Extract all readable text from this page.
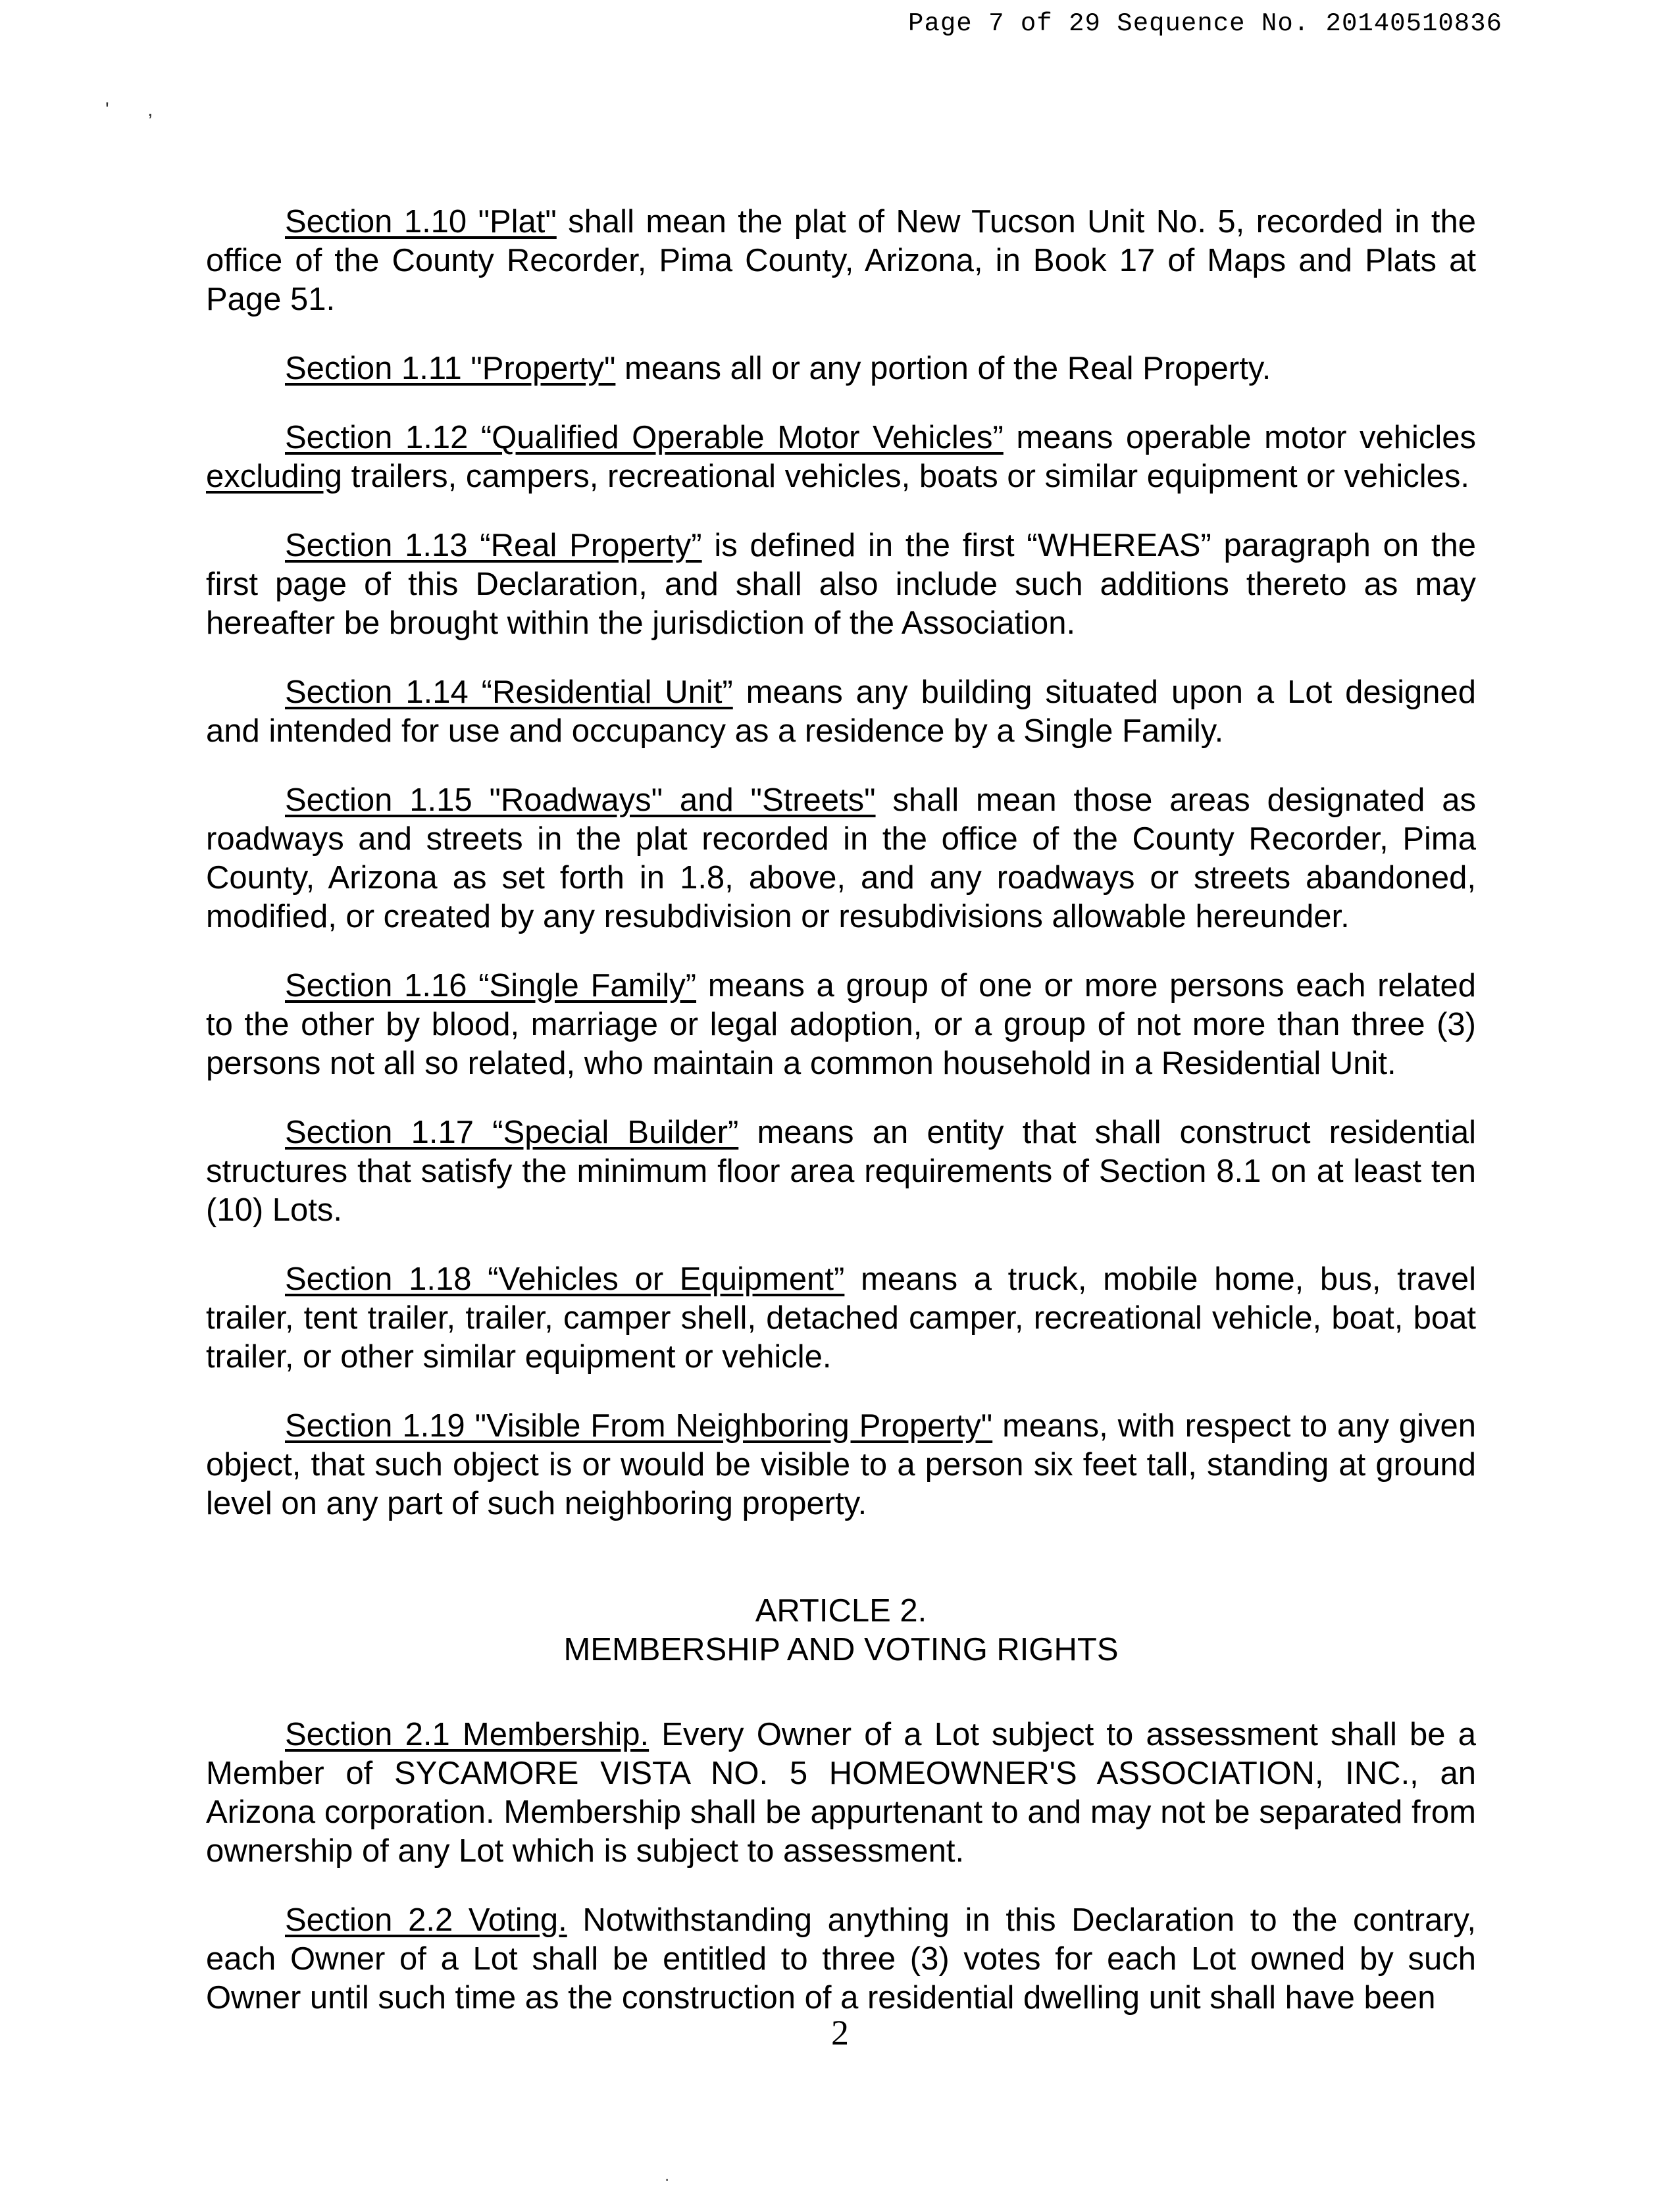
Page 7 of 29 Sequence No. 20140510836
'       ,

Section 1.10 "Plat" shall mean the plat of New Tucson Unit No. 5, recorded in the office of the County Recorder, Pima County, Arizona, in Book 17 of Maps and Plats at Page 51.

Section 1.11 "Property" means all or any portion of the Real Property.

Section 1.12 “Qualified Operable Motor Vehicles” means operable motor vehicles excluding trailers, campers, recreational vehicles, boats or similar equipment or vehicles.

Section 1.13 “Real Property” is defined in the first “WHEREAS” paragraph on the first page of this Declaration, and shall also include such additions thereto as may hereafter be brought within the jurisdiction of the Association.

Section 1.14 “Residential Unit” means any building situated upon a Lot designed and intended for use and occupancy as a residence by a Single Family.

Section 1.15 "Roadways" and "Streets" shall mean those areas designated as roadways and streets in the plat recorded in the office of the County Recorder, Pima County, Arizona as set forth in 1.8, above, and any roadways or streets abandoned, modified, or created by any resubdivision or resubdivisions allowable hereunder.

Section 1.16 “Single Family” means a group of one or more persons each related to the other by blood, marriage or legal adoption, or a group of not more than three (3) persons not all so related, who maintain a common household in a Residential Unit.

Section 1.17 “Special Builder” means an entity that shall construct residential structures that satisfy the minimum floor area requirements of Section 8.1 on at least ten (10) Lots.

Section 1.18 “Vehicles or Equipment” means a truck, mobile home, bus, travel trailer, tent trailer, trailer, camper shell, detached camper, recreational vehicle, boat, boat trailer, or other similar equipment or vehicle.

Section 1.19 "Visible From Neighboring Property" means, with respect to any given object, that such object is or would be visible to a person six feet tall, standing at ground level on any part of such neighboring property.

ARTICLE 2.
MEMBERSHIP AND VOTING RIGHTS

Section 2.1 Membership. Every Owner of a Lot subject to assessment shall be a Member of SYCAMORE VISTA NO. 5 HOMEOWNER'S ASSOCIATION, INC., an Arizona corporation. Membership shall be appurtenant to and may not be separated from ownership of any Lot which is subject to assessment.

Section 2.2 Voting. Notwithstanding anything in this Declaration to the contrary, each Owner of a Lot shall be entitled to three (3) votes for each Lot owned by such Owner until such time as the construction of a residential dwelling unit shall have been

2
.
